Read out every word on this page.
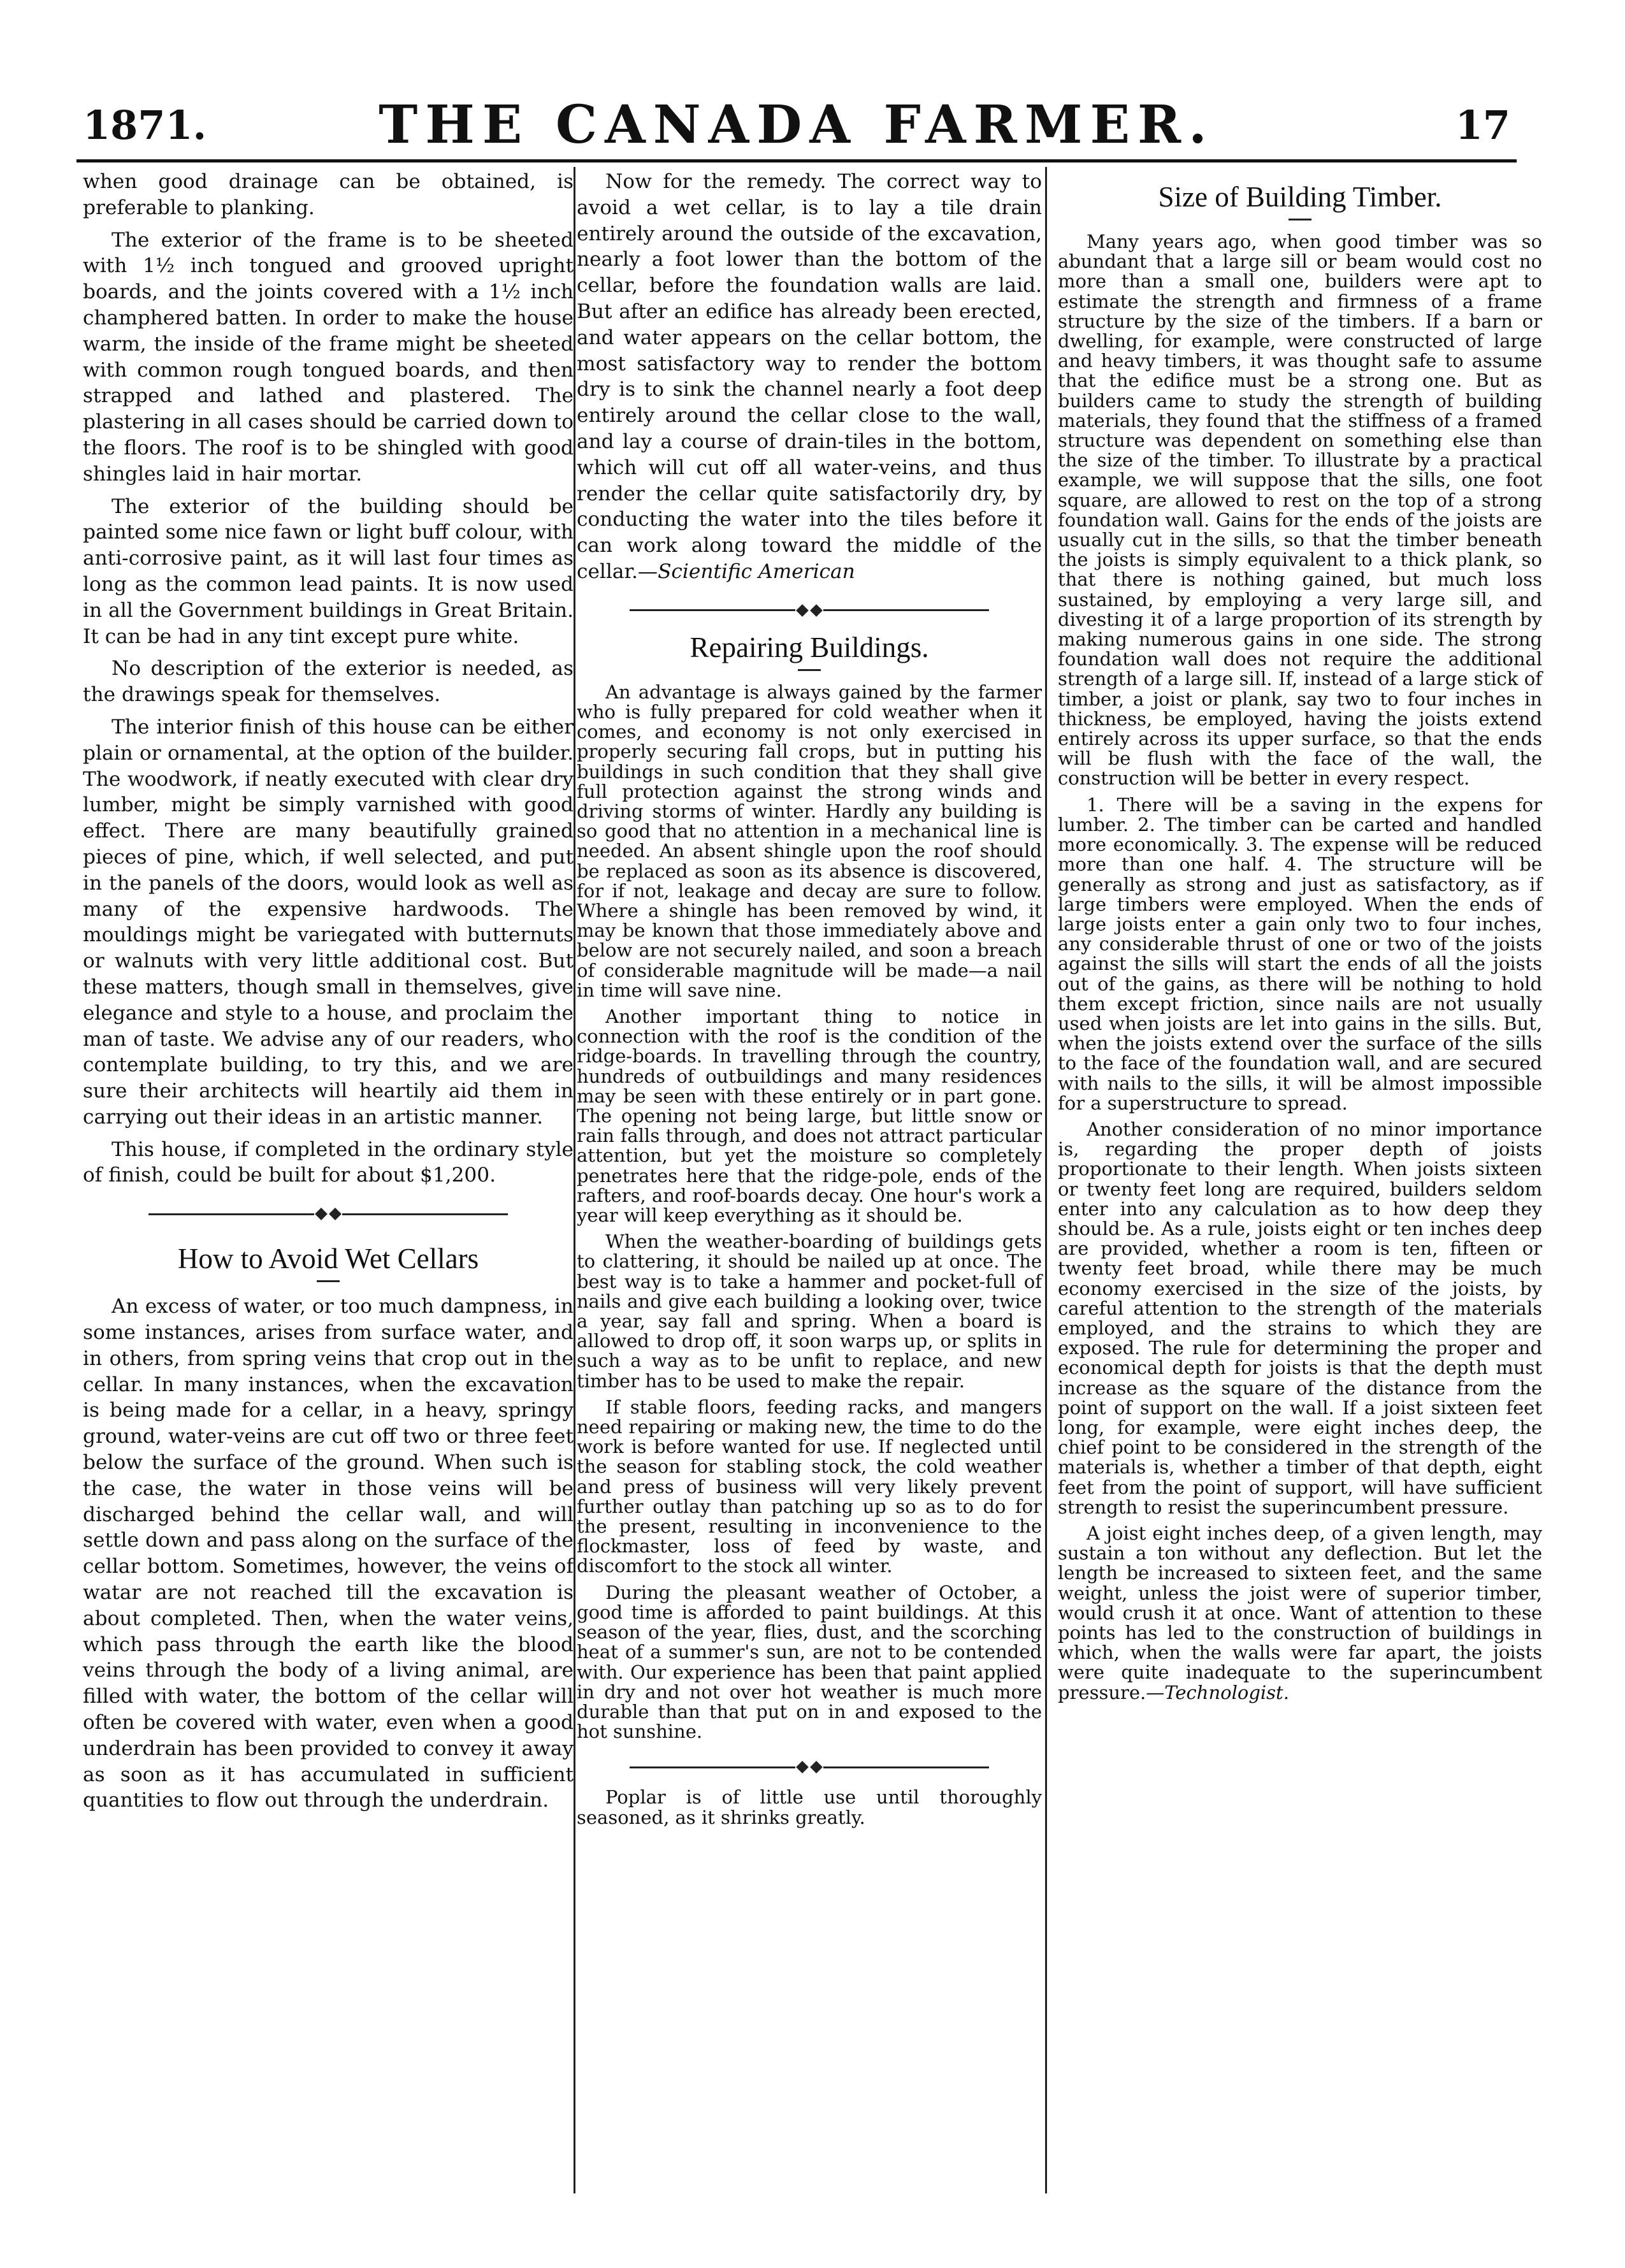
1871.	THE CANADA FARMER.	17

when good drainage can be obtained, is preferable to planking.

The exterior of the frame is to be sheeted with 1½ inch tongued and grooved upright boards, and the joints covered with a 1½ inch champhered batten. In order to make the house warm, the inside of the frame might be sheeted with common rough tongued boards, and then strapped and lathed and plastered. The plastering in all cases should be carried down to the floors. The roof is to be shingled with good shingles laid in hair mortar.

The exterior of the building should be painted some nice fawn or light buff colour, with anti-corrosive paint, as it will last four times as long as the common lead paints. It is now used in all the Government buildings in Great Britain. It can be had in any tint except pure white.

No description of the exterior is needed, as the drawings speak for themselves.

The interior finish of this house can be either plain or ornamental, at the option of the builder. The woodwork, if neatly executed with clear dry lumber, might be simply varnished with good effect. There are many beautifully grained pieces of pine, which, if well selected, and put in the panels of the doors, would look as well as many of the expensive hardwoods. The mouldings might be variegated with butternuts or walnuts with very little additional cost. But these matters, though small in themselves, give elegance and style to a house, and proclaim the man of taste. We advise any of our readers, who contemplate building, to try this, and we are sure their architects will heartily aid them in carrying out their ideas in an artistic manner.

This house, if completed in the ordinary style of finish, could be built for about $1,200.

How to Avoid Wet Cellars

An excess of water, or too much dampness, in some instances, arises from surface water, and in others, from spring veins that crop out in the cellar. In many instances, when the excavation is being made for a cellar, in a heavy, springy ground, water-veins are cut off two or three feet below the surface of the ground. When such is the case, the water in those veins will be discharged behind the cellar wall, and will settle down and pass along on the surface of the cellar bottom. Sometimes, however, the veins of watar are not reached till the excavation is about completed. Then, when the water veins, which pass through the earth like the blood veins through the body of a living animal, are filled with water, the bottom of the cellar will often be covered with water, even when a good underdrain has been provided to convey it away as soon as it has accumulated in sufficient quantities to flow out through the underdrain.

Now for the remedy. The correct way to avoid a wet cellar, is to lay a tile drain entirely around the outside of the excavation, nearly a foot lower than the bottom of the cellar, before the foundation walls are laid. But after an edifice has already been erected, and water appears on the cellar bottom, the most satisfactory way to render the bottom dry is to sink the channel nearly a foot deep entirely around the cellar close to the wall, and lay a course of drain-tiles in the bottom, which will cut off all water-veins, and thus render the cellar quite satisfactorily dry, by conducting the water into the tiles before it can work along toward the middle of the cellar.—Scientific American

Repairing Buildings.

An advantage is always gained by the farmer who is fully prepared for cold weather when it comes, and economy is not only exercised in properly securing fall crops, but in putting his buildings in such condition that they shall give full protection against the strong winds and driving storms of winter. Hardly any building is so good that no attention in a mechanical line is needed. An absent shingle upon the roof should be replaced as soon as its absence is discovered, for if not, leakage and decay are sure to follow. Where a shingle has been removed by wind, it may be known that those immediately above and below are not securely nailed, and soon a breach of considerable magnitude will be made—a nail in time will save nine.

Another important thing to notice in connection with the roof is the condition of the ridge-boards. In travelling through the country, hundreds of outbuildings and many residences may be seen with these entirely or in part gone. The opening not being large, but little snow or rain falls through, and does not attract particular attention, but yet the moisture so completely penetrates here that the ridge-pole, ends of the rafters, and roof-boards decay. One hour's work a year will keep everything as it should be.

When the weather-boarding of buildings gets to clattering, it should be nailed up at once. The best way is to take a hammer and pocket-full of nails and give each building a looking over, twice a year, say fall and spring. When a board is allowed to drop off, it soon warps up, or splits in such a way as to be unfit to replace, and new timber has to be used to make the repair.

If stable floors, feeding racks, and mangers need repairing or making new, the time to do the work is before wanted for use. If neglected until the season for stabling stock, the cold weather and press of business will very likely prevent further outlay than patching up so as to do for the present, resulting in inconvenience to the flockmaster, loss of feed by waste, and discomfort to the stock all winter.

During the pleasant weather of October, a good time is afforded to paint buildings. At this season of the year, flies, dust, and the scorching heat of a summer's sun, are not to be contended with. Our experience has been that paint applied in dry and not over hot weather is much more durable than that put on in and exposed to the hot sunshine.

Poplar is of little use until thoroughly seasoned, as it shrinks greatly.

Size of Building Timber.

Many years ago, when good timber was so abundant that a large sill or beam would cost no more than a small one, builders were apt to estimate the strength and firmness of a frame structure by the size of the timbers. If a barn or dwelling, for example, were constructed of large and heavy timbers, it was thought safe to assume that the edifice must be a strong one. But as builders came to study the strength of building materials, they found that the stiffness of a framed structure was dependent on something else than the size of the timber. To illustrate by a practical example, we will suppose that the sills, one foot square, are allowed to rest on the top of a strong foundation wall. Gains for the ends of the joists are usually cut in the sills, so that the timber beneath the joists is simply equivalent to a thick plank, so that there is nothing gained, but much loss sustained, by employing a very large sill, and divesting it of a large proportion of its strength by making numerous gains in one side. The strong foundation wall does not require the additional strength of a large sill. If, instead of a large stick of timber, a joist or plank, say two to four inches in thickness, be employed, having the joists extend entirely across its upper surface, so that the ends will be flush with the face of the wall, the construction will be better in every respect.

1. There will be a saving in the expens for lumber. 2. The timber can be carted and handled more economically. 3. The expense will be reduced more than one half. 4. The structure will be generally as strong and just as satisfactory, as if large timbers were employed. When the ends of large joists enter a gain only two to four inches, any considerable thrust of one or two of the joists against the sills will start the ends of all the joists out of the gains, as there will be nothing to hold them except friction, since nails are not usually used when joists are let into gains in the sills. But, when the joists extend over the surface of the sills to the face of the foundation wall, and are secured with nails to the sills, it will be almost impossible for a superstructure to spread.

Another consideration of no minor importance is, regarding the proper depth of joists proportionate to their length. When joists sixteen or twenty feet long are required, builders seldom enter into any calculation as to how deep they should be. As a rule, joists eight or ten inches deep are provided, whether a room is ten, fifteen or twenty feet broad, while there may be much economy exercised in the size of the joists, by careful attention to the strength of the materials employed, and the strains to which they are exposed. The rule for determining the proper and economical depth for joists is that the depth must increase as the square of the distance from the point of support on the wall. If a joist sixteen feet long, for example, were eight inches deep, the chief point to be considered in the strength of the materials is, whether a timber of that depth, eight feet from the point of support, will have sufficient strength to resist the superincumbent pressure.

A joist eight inches deep, of a given length, may sustain a ton without any deflection. But let the length be increased to sixteen feet, and the same weight, unless the joist were of superior timber, would crush it at once. Want of attention to these points has led to the construction of buildings in which, when the walls were far apart, the joists were quite inadequate to the superincumbent pressure.—Technologist.
